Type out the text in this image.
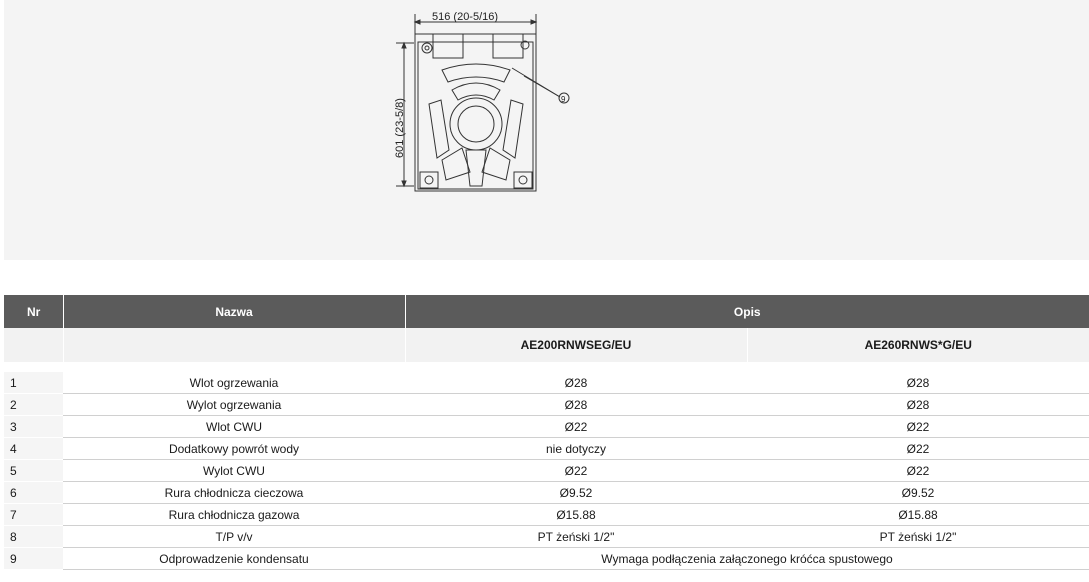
516 (20-5/16)
601 (23-5/8)	9
Nr	Nazwa	Opis	
		AE200RNWSEG/EU	AE260RNWS*G/EU

1	Wlot ogrzewania	Ø28	Ø28
2	Wylot ogrzewania	Ø28	Ø28
3	Wlot CWU	Ø22	Ø22
4	Dodatkowy powrót wody	nie dotyczy	Ø22
5	Wylot CWU	Ø22	Ø22
6	Rura chłodnicza cieczowa	Ø9.52	Ø9.52
7	Rura chłodnicza gazowa	Ø15.88	Ø15.88
8	T/P v/v	PT żeński 1/2"	PT żeński 1/2"
9	Odprowadzenie kondensatu	Wymaga podłączenia załączonego króćca spustowego	
